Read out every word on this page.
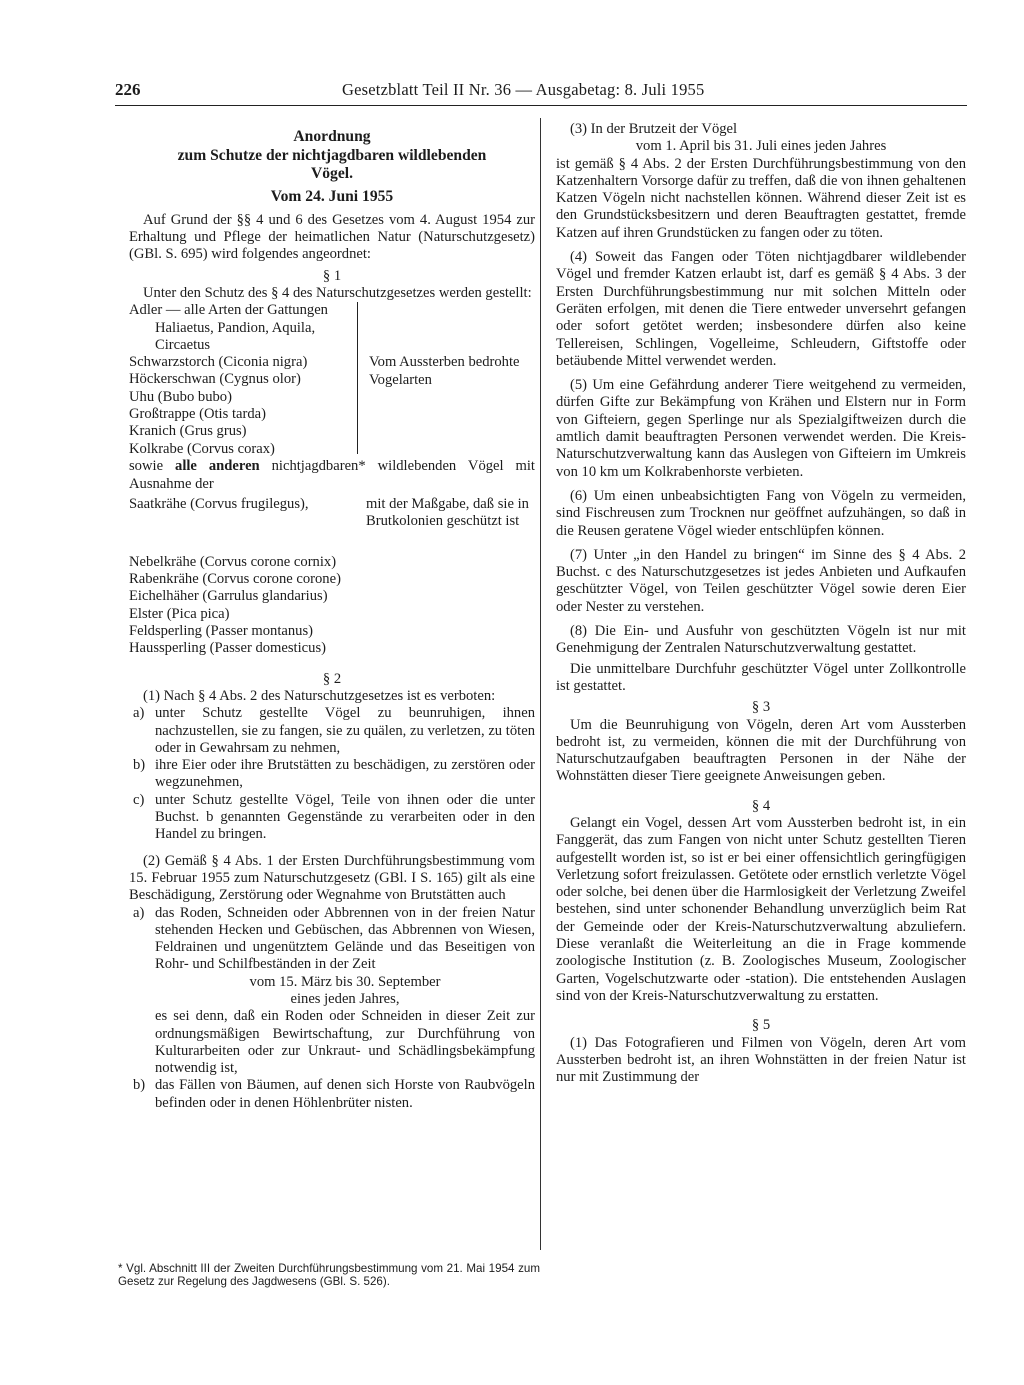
226	Gesetzblatt Teil II Nr. 36 — Ausgabetag: 8. Juli 1955

Anordnung

zum Schutze der nichtjagdbaren wildlebenden

Vögel.

Vom 24. Juni 1955

Auf Grund der §§ 4 und 6 des Gesetzes vom 4. August 1954 zur Erhaltung und Pflege der heimatlichen Natur (Naturschutzgesetz) (GBl. S. 695) wird folgendes angeordnet:

§ 1

Unter den Schutz des § 4 des Naturschutzgesetzes werden gestellt:

Adler — alle Arten der Gattungen Haliaetus, Pandion, Aquila, Circaetus

Schwarzstorch (Ciconia nigra)

Höckerschwan (Cygnus olor)

Uhu (Bubo bubo)

Großtrappe (Otis tarda)

Kranich (Grus grus)

Kolkrabe (Corvus corax)

Vom Aussterben bedrohte Vogelarten

sowie alle anderen nichtjagdbaren* wildlebenden Vögel mit Ausnahme der

Saatkrähe (Corvus frugilegus),	mit der Maßgabe, daß sie in Brutkolonien geschützt ist

Nebelkrähe (Corvus corone cornix)

Rabenkrähe (Corvus corone corone)

Eichelhäher (Garrulus glandarius)

Elster (Pica pica)

Feldsperling (Passer montanus)

Haussperling (Passer domesticus)

§ 2

(1) Nach § 4 Abs. 2 des Naturschutzgesetzes ist es verboten:

a) unter Schutz gestellte Vögel zu beunruhigen, ihnen nachzustellen, sie zu fangen, sie zu quälen, zu verletzen, zu töten oder in Gewahrsam zu nehmen,
b) ihre Eier oder ihre Brutstätten zu beschädigen, zu zerstören oder wegzunehmen,
c) unter Schutz gestellte Vögel, Teile von ihnen oder die unter Buchst. b genannten Gegenstände zu verarbeiten oder in den Handel zu bringen.

(2) Gemäß § 4 Abs. 1 der Ersten Durchführungsbestimmung vom 15. Februar 1955 zum Naturschutzgesetz (GBl. I S. 165) gilt als eine Beschädigung, Zerstörung oder Wegnahme von Brutstätten auch

a) das Roden, Schneiden oder Abbrennen von in der freien Natur stehenden Hecken und Gebüschen, das Abbrennen von Wiesen, Feldrainen und ungenütztem Gelände und das Beseitigen von Rohr- und Schilfbeständen in der Zeit

vom 15. März bis 30. September

eines jeden Jahres,

es sei denn, daß ein Roden oder Schneiden in dieser Zeit zur ordnungsmäßigen Bewirtschaftung, zur Durchführung von Kulturarbeiten oder zur Unkraut- und Schädlingsbekämpfung notwendig ist,

b) das Fällen von Bäumen, auf denen sich Horste von Raubvögeln befinden oder in denen Höhlenbrüter nisten.
* Vgl. Abschnitt III der Zweiten Durchführungsbestimmung vom 21. Mai 1954 zum Gesetz zur Regelung des Jagdwesens (GBl. S. 526).

(3) In der Brutzeit der Vögel

vom 1. April bis 31. Juli eines jeden Jahres

ist gemäß § 4 Abs. 2 der Ersten Durchführungsbestimmung von den Katzenhaltern Vorsorge dafür zu treffen, daß die von ihnen gehaltenen Katzen Vögeln nicht nachstellen können. Während dieser Zeit ist es den Grundstücksbesitzern und deren Beauftragten gestattet, fremde Katzen auf ihren Grundstücken zu fangen oder zu töten.

(4) Soweit das Fangen oder Töten nichtjagdbarer wildlebender Vögel und fremder Katzen erlaubt ist, darf es gemäß § 4 Abs. 3 der Ersten Durchführungsbestimmung nur mit solchen Mitteln oder Geräten erfolgen, mit denen die Tiere entweder unversehrt gefangen oder sofort getötet werden; insbesondere dürfen also keine Tellereisen, Schlingen, Vogelleime, Schleudern, Giftstoffe oder betäubende Mittel verwendet werden.

(5) Um eine Gefährdung anderer Tiere weitgehend zu vermeiden, dürfen Gifte zur Bekämpfung von Krähen und Elstern nur in Form von Gifteiern, gegen Sperlinge nur als Spezialgiftweizen durch die amtlich damit beauftragten Personen verwendet werden. Die Kreis-Naturschutzverwaltung kann das Auslegen von Gifteiern im Umkreis von 10 km um Kolkrabenhorste verbieten.

(6) Um einen unbeabsichtigten Fang von Vögeln zu vermeiden, sind Fischreusen zum Trocknen nur geöffnet aufzuhängen, so daß in die Reusen geratene Vögel wieder entschlüpfen können.

(7) Unter „in den Handel zu bringen“ im Sinne des § 4 Abs. 2 Buchst. c des Naturschutzgesetzes ist jedes Anbieten und Aufkaufen geschützter Vögel, von Teilen geschützter Vögel sowie deren Eier oder Nester zu verstehen.

(8) Die Ein- und Ausfuhr von geschützten Vögeln ist nur mit Genehmigung der Zentralen Naturschutzverwaltung gestattet.

Die unmittelbare Durchfuhr geschützter Vögel unter Zollkontrolle ist gestattet.

§ 3

Um die Beunruhigung von Vögeln, deren Art vom Aussterben bedroht ist, zu vermeiden, können die mit der Durchführung von Naturschutzaufgaben beauftragten Personen in der Nähe der Wohnstätten dieser Tiere geeignete Anweisungen geben.

§ 4

Gelangt ein Vogel, dessen Art vom Aussterben bedroht ist, in ein Fanggerät, das zum Fangen von nicht unter Schutz gestellten Tieren aufgestellt worden ist, so ist er bei einer offensichtlich geringfügigen Verletzung sofort freizulassen. Getötete oder ernstlich verletzte Vögel oder solche, bei denen über die Harmlosigkeit der Verletzung Zweifel bestehen, sind unter schonender Behandlung unverzüglich beim Rat der Gemeinde oder der Kreis-Naturschutzverwaltung abzuliefern. Diese veranlaßt die Weiterleitung an die in Frage kommende zoologische Institution (z. B. Zoologisches Museum, Zoologischer Garten, Vogelschutzwarte oder -station). Die entstehenden Auslagen sind von der Kreis-Naturschutzverwaltung zu erstatten.

§ 5

(1) Das Fotografieren und Filmen von Vögeln, deren Art vom Aussterben bedroht ist, an ihren Wohnstätten in der freien Natur ist nur mit Zustimmung der
